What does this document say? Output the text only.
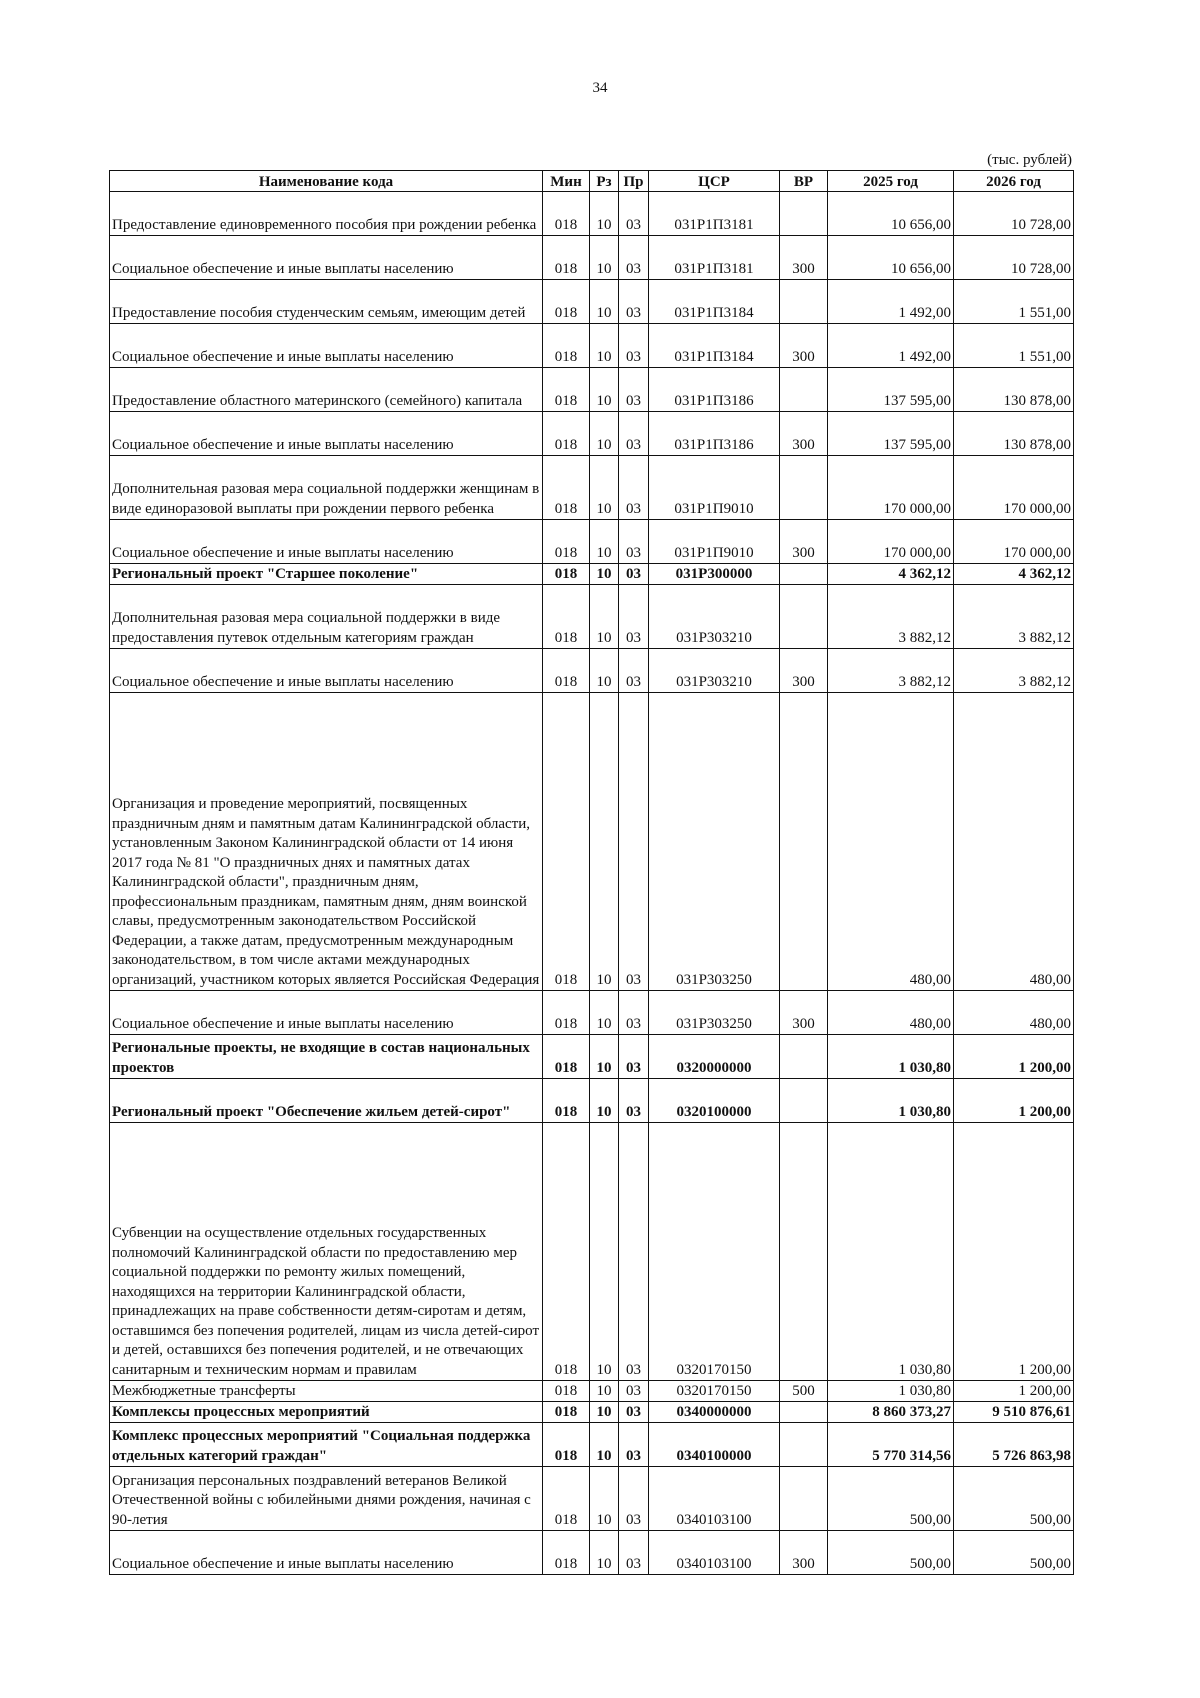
34
(тыс. рублей)
Наименование кода	Мин	Рз	Пр	ЦСР	ВР	2025 год	2026 год
Предоставление единовременного пособия при рождении ребенка	018	10	03	031Р1П3181		10 656,00	10 728,00
Социальное обеспечение и иные выплаты населению	018	10	03	031Р1П3181	300	10 656,00	10 728,00
Предоставление пособия студенческим семьям, имеющим детей	018	10	03	031Р1П3184		1 492,00	1 551,00
Социальное обеспечение и иные выплаты населению	018	10	03	031Р1П3184	300	1 492,00	1 551,00
Предоставление областного материнского (семейного) капитала	018	10	03	031Р1П3186		137 595,00	130 878,00
Социальное обеспечение и иные выплаты населению	018	10	03	031Р1П3186	300	137 595,00	130 878,00
Дополнительная разовая мера социальной поддержки женщинам в виде единоразовой выплаты при рождении первого ребенка	018	10	03	031Р1П9010		170 000,00	170 000,00
Социальное обеспечение и иные выплаты населению	018	10	03	031Р1П9010	300	170 000,00	170 000,00
Региональный проект "Старшее поколение"	018	10	03	031Р300000		4 362,12	4 362,12
Дополнительная разовая мера социальной поддержки в виде предоставления путевок отдельным категориям граждан	018	10	03	031Р303210		3 882,12	3 882,12
Социальное обеспечение и иные выплаты населению	018	10	03	031Р303210	300	3 882,12	3 882,12
Организация и проведение мероприятий, посвященных праздничным дням и памятным датам Калининградской области, установленным Законом Калининградской области от 14 июня 2017 года № 81 "О праздничных днях и памятных датах Калининградской области", праздничным дням, профессиональным праздникам, памятным дням, дням воинской славы, предусмотренным законодательством Российской Федерации, а также датам, предусмотренным международным законодательством, в том числе актами международных организаций, участником которых является Российская Федерация	018	10	03	031Р303250		480,00	480,00
Социальное обеспечение и иные выплаты населению	018	10	03	031Р303250	300	480,00	480,00
Региональные проекты, не входящие в состав национальных проектов	018	10	03	0320000000		1 030,80	1 200,00
Региональный проект "Обеспечение жильем детей-сирот"	018	10	03	0320100000		1 030,80	1 200,00
Субвенции на осуществление отдельных государственных полномочий Калининградской области по предоставлению мер социальной поддержки по ремонту жилых помещений, находящихся на территории Калининградской области, принадлежащих на праве собственности детям-сиротам и детям, оставшимся без попечения родителей, лицам из числа детей-сирот и детей, оставшихся без попечения родителей, и не отвечающих санитарным и техническим нормам и правилам	018	10	03	0320170150		1 030,80	1 200,00
Межбюджетные трансферты	018	10	03	0320170150	500	1 030,80	1 200,00
Комплексы процессных мероприятий	018	10	03	0340000000		8 860 373,27	9 510 876,61
Комплекс процессных мероприятий "Социальная поддержка отдельных категорий граждан"	018	10	03	0340100000		5 770 314,56	5 726 863,98
Организация персональных поздравлений ветеранов Великой Отечественной войны с юбилейными днями рождения, начиная с 90-летия	018	10	03	0340103100		500,00	500,00
Социальное обеспечение и иные выплаты населению	018	10	03	0340103100	300	500,00	500,00
